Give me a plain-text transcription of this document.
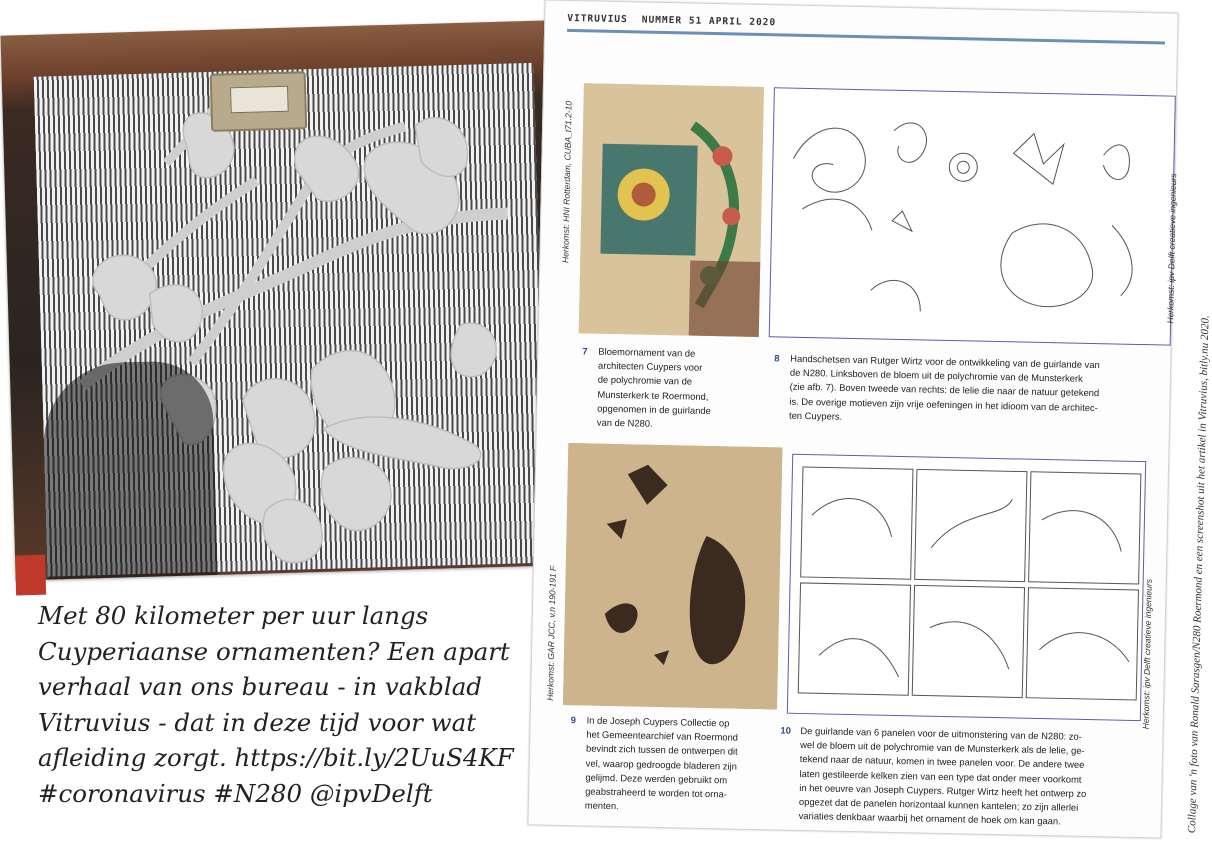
Met 80 kilometer per uur langs
Cuyperiaanse ornamenten? Een apart
verhaal van ons bureau - in vakblad
Vitruvius - dat in deze tijd voor wat
afleiding zorgt. https://bit.ly/2UuS4KF
#coronavirus #N280 @ipvDelft
VITRUVIUS NUMMER 51 APRIL 2020
Herkomst: HNI Rotterdam, CUBA_t71.2-10
7 Bloemornament van de
architecten Cuypers voor
de polychromie van de
Munsterkerk te Roermond,
opgenomen in de guirlande
van de N280.
Herkomst: ipv Delft creatieve ingenieurs
8 Handschetsen van Rutger Wirtz voor de ontwikkeling van de guirlande van
de N280. Linksboven de bloem uit de polychromie van de Munsterkerk
(zie afb. 7). Boven tweede van rechts: de lelie die naar de natuur getekend
is. De overige motieven zijn vrije oefeningen in het idioom van de architec-
ten Cuypers.
Herkomst: GAR JCC, v.n 190-191 F
9 In de Joseph Cuypers Collectie op
het Gemeentearchief van Roermond
bevindt zich tussen de ontwerpen dit
vel, waarop gedroogde bladeren zijn
gelijmd. Deze werden gebruikt om
geabstraheerd te worden tot orna-
menten.
Herkomst: ipv Delft creatieve ingenieurs
10 De guirlande van 6 panelen voor de uitmonstering van de N280: zo-
wel de bloem uit de polychromie van de Munsterkerk als de lelie, ge-
tekend naar de natuur, komen in twee panelen voor. De andere twee
laten gestileerde kelken zien van een type dat onder meer voorkomt
in het oeuvre van Joseph Cuypers. Rutger Wirtz heeft het ontwerp zo
opgezet dat de panelen horizontaal kunnen kantelen; zo zijn allerlei
variaties denkbaar waarbij het ornament de hoek om kan gaan.	Collage van 'n foto van Ronald Sarasgen/N280 Roermond en een screenshot uit het artikel in Vitruvius, bitly.nu 2020.
